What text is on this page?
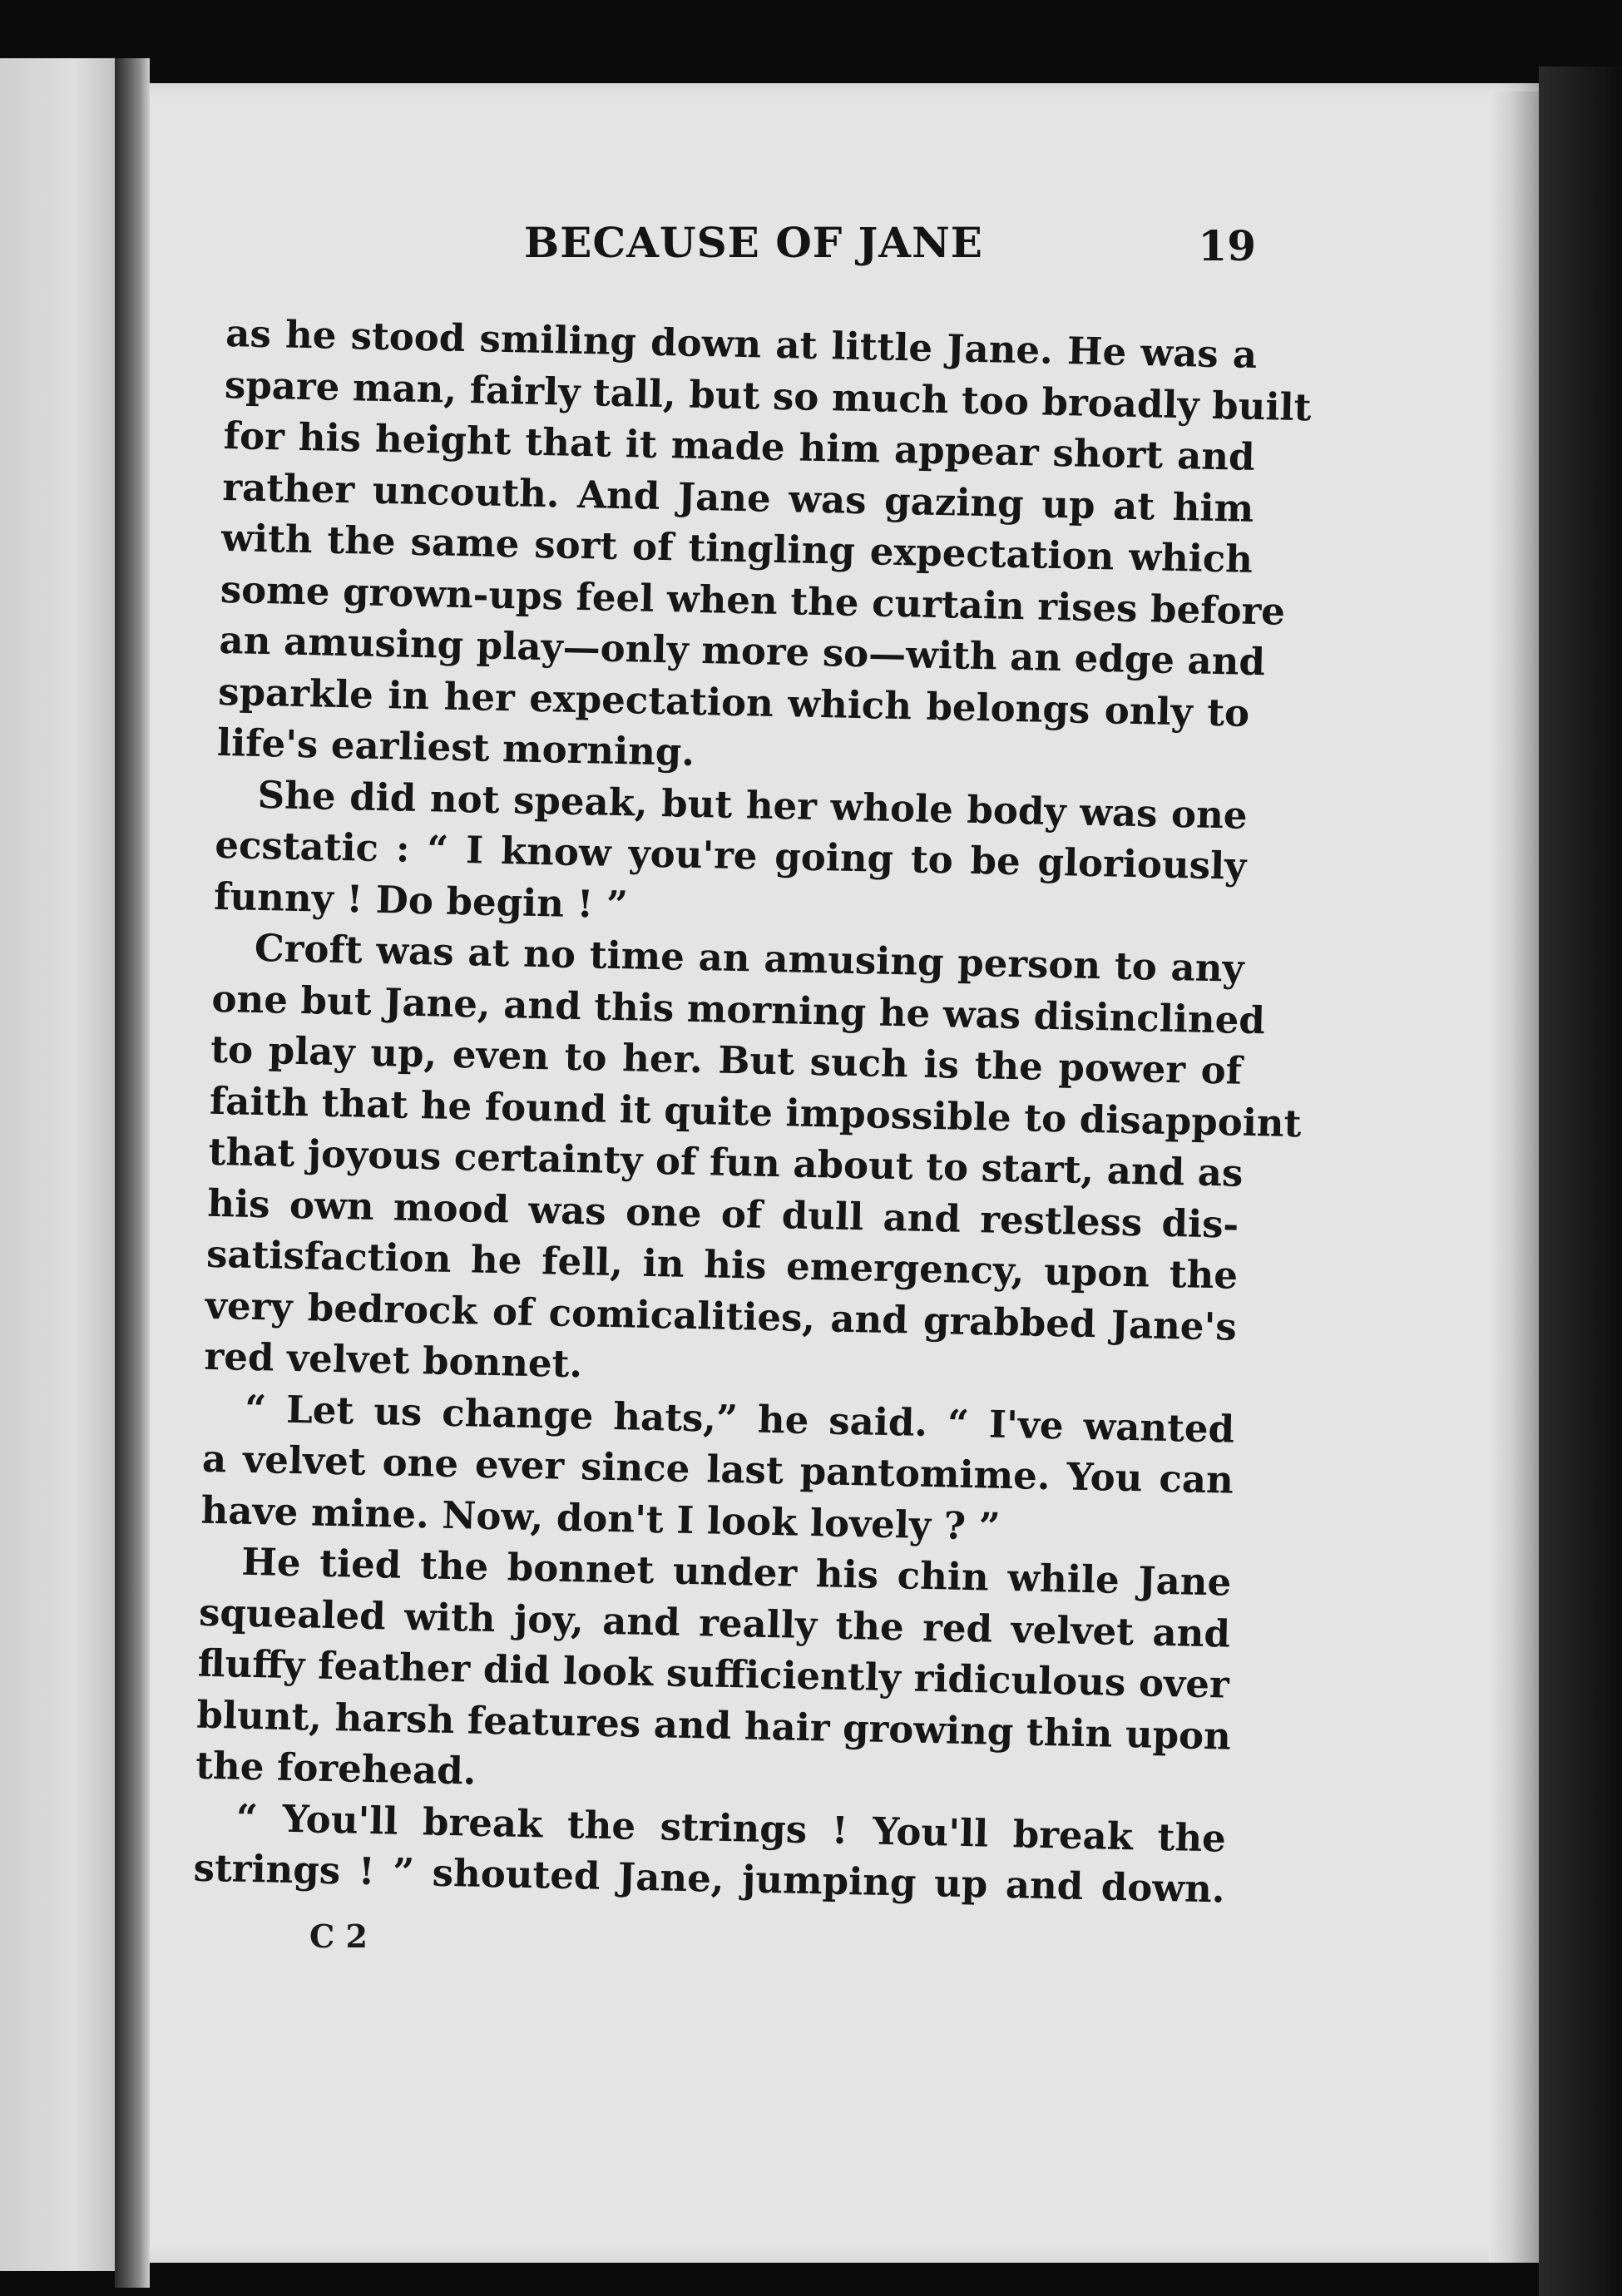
BECAUSE OF JANE	19
as he stood smiling down at little Jane. He was a
spare man, fairly tall, but so much too broadly built
for his height that it made him appear short and
rather uncouth. And Jane was gazing up at him
with the same sort of tingling expectation which
some grown-ups feel when the curtain rises before
an amusing play—only more so—with an edge and
sparkle in her expectation which belongs only to
life's earliest morning.
She did not speak, but her whole body was one
ecstatic : “ I know you're going to be gloriously
funny ! Do begin ! ”
Croft was at no time an amusing person to any
one but Jane, and this morning he was disinclined
to play up, even to her. But such is the power of
faith that he found it quite impossible to disappoint
that joyous certainty of fun about to start, and as
his own mood was one of dull and restless dis-
satisfaction he fell, in his emergency, upon the
very bedrock of comicalities, and grabbed Jane's
red velvet bonnet.
“ Let us change hats,” he said. “ I've wanted
a velvet one ever since last pantomime. You can
have mine. Now, don't I look lovely ? ”
He tied the bonnet under his chin while Jane
squealed with joy, and really the red velvet and
fluffy feather did look sufficiently ridiculous over
blunt, harsh features and hair growing thin upon
the forehead.
“ You'll break the strings ! You'll break the
strings ! ” shouted Jane, jumping up and down.
C 2
